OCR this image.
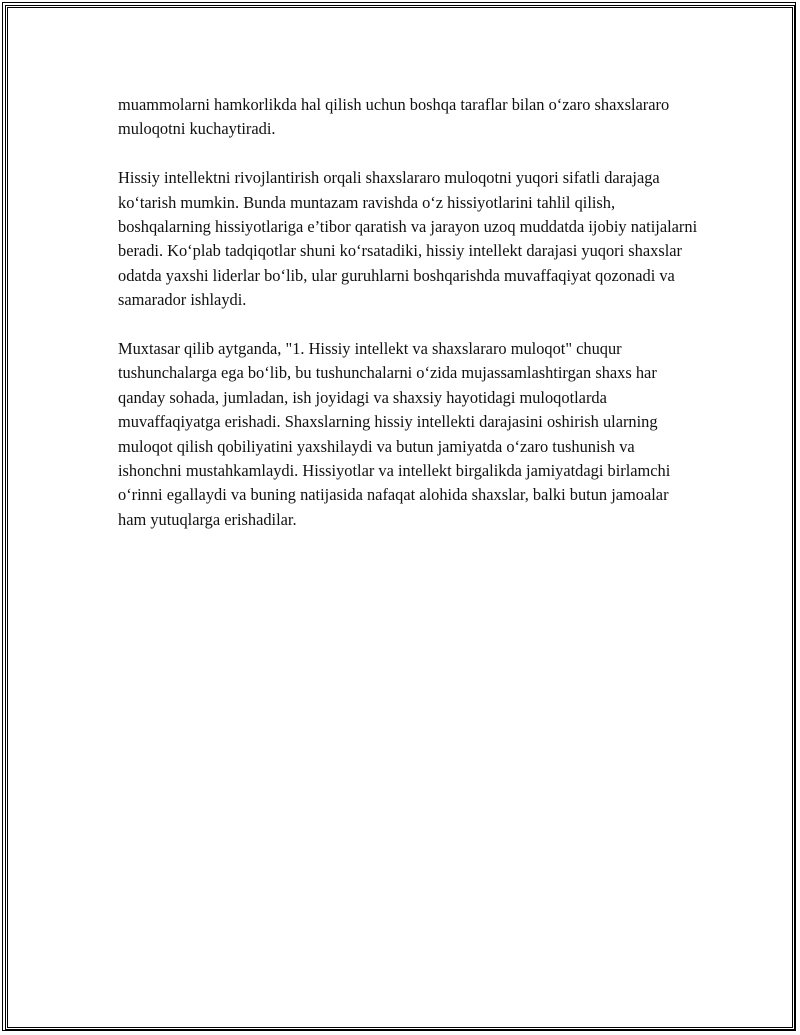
muammolarni hamkorlikda hal qilish uchun boshqa taraflar bilan o‘zaro shaxslararo muloqotni kuchaytiradi.

Hissiy intellektni rivojlantirish orqali shaxslararo muloqotni yuqori sifatli darajaga ko‘tarish mumkin. Bunda muntazam ravishda o‘z hissiyotlarini tahlil qilish, boshqalarning hissiyotlariga e’tibor qaratish va jarayon uzoq muddatda ijobiy natijalarni beradi. Ko‘plab tadqiqotlar shuni ko‘rsatadiki, hissiy intellekt darajasi yuqori shaxslar odatda yaxshi liderlar bo‘lib, ular guruhlarni boshqarishda muvaffaqiyat qozonadi va samarador ishlaydi.

Muxtasar qilib aytganda, "1. Hissiy intellekt va shaxslararo muloqot" chuqur tushunchalarga ega bo‘lib, bu tushunchalarni o‘zida mujassamlashtirgan shaxs har qanday sohada, jumladan, ish joyidagi va shaxsiy hayotidagi muloqotlarda muvaffaqiyatga erishadi. Shaxslarning hissiy intellekti darajasini oshirish ularning muloqot qilish qobiliyatini yaxshilaydi va butun jamiyatda o‘zaro tushunish va ishonchni mustahkamlaydi. Hissiyotlar va intellekt birgalikda jamiyatdagi birlamchi o‘rinni egallaydi va buning natijasida nafaqat alohida shaxslar, balki butun jamoalar ham yutuqlarga erishadilar.
